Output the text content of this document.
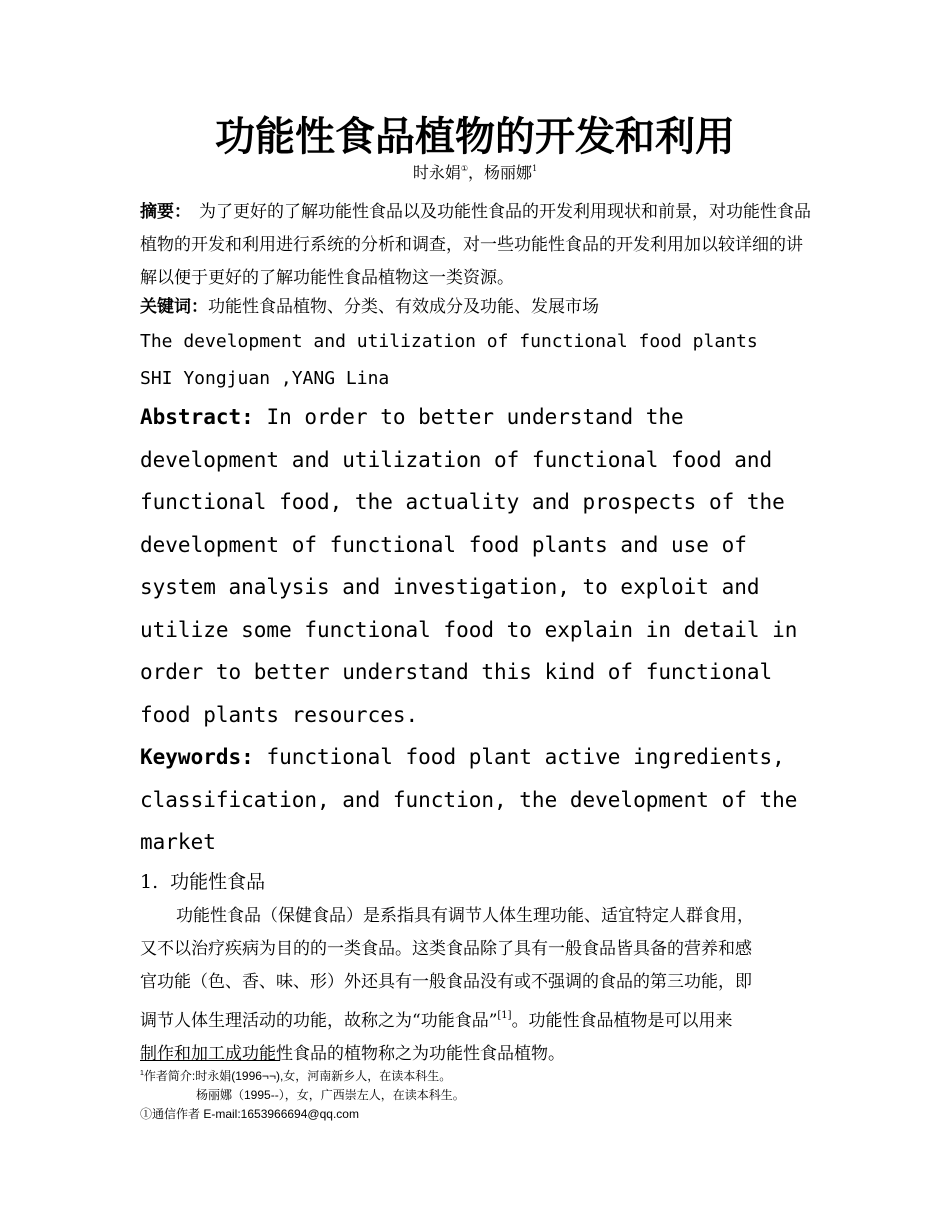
功能性食品植物的开发和利用
时永娟①，杨丽娜$^1$
摘要： 为了更好的了解功能性食品以及功能性食品的开发利用现状和前景，对功能性食品植物的开发和利用进行系统的分析和调查，对一些功能性食品的开发利用加以较详细的讲解以便于更好的了解功能性食品植物这一类资源。
关键词：功能性食品植物、分类、有效成分及功能、发展市场
The development and utilization of functional food plants
SHI Yongjuan ,YANG Lina
Abstract: In order to better understand the
development and utilization of functional food and
functional food, the actuality and prospects of the
development of functional food plants and use of
system analysis and investigation, to exploit and
utilize some functional food to explain in detail in
order to better understand this kind of functional
food plants resources.
Keywords: functional food plant active ingredients,
classification, and function, the development of the
market
1. 功能性食品
功能性食品（保健食品）是系指具有调节人体生理功能、适宜特定人群食用，
又不以治疗疾病为目的的一类食品。这类食品除了具有一般食品皆具备的营养和感
官功能（色、香、味、形）外还具有一般食品没有或不强调的食品的第三功能，即
调节人体生理活动的功能，故称之为“功能食品”[1]。功能性食品植物是可以用来
制作和加工成功能性食品的植物称之为功能性食品植物。
$^1$作者简介:时永娟(1996¬¬),女，河南新乡人，在读本科生。
杨丽娜（1995--），女，广西崇左人，在读本科生。
①通信作者 E-mail:1653966694@qq.com
